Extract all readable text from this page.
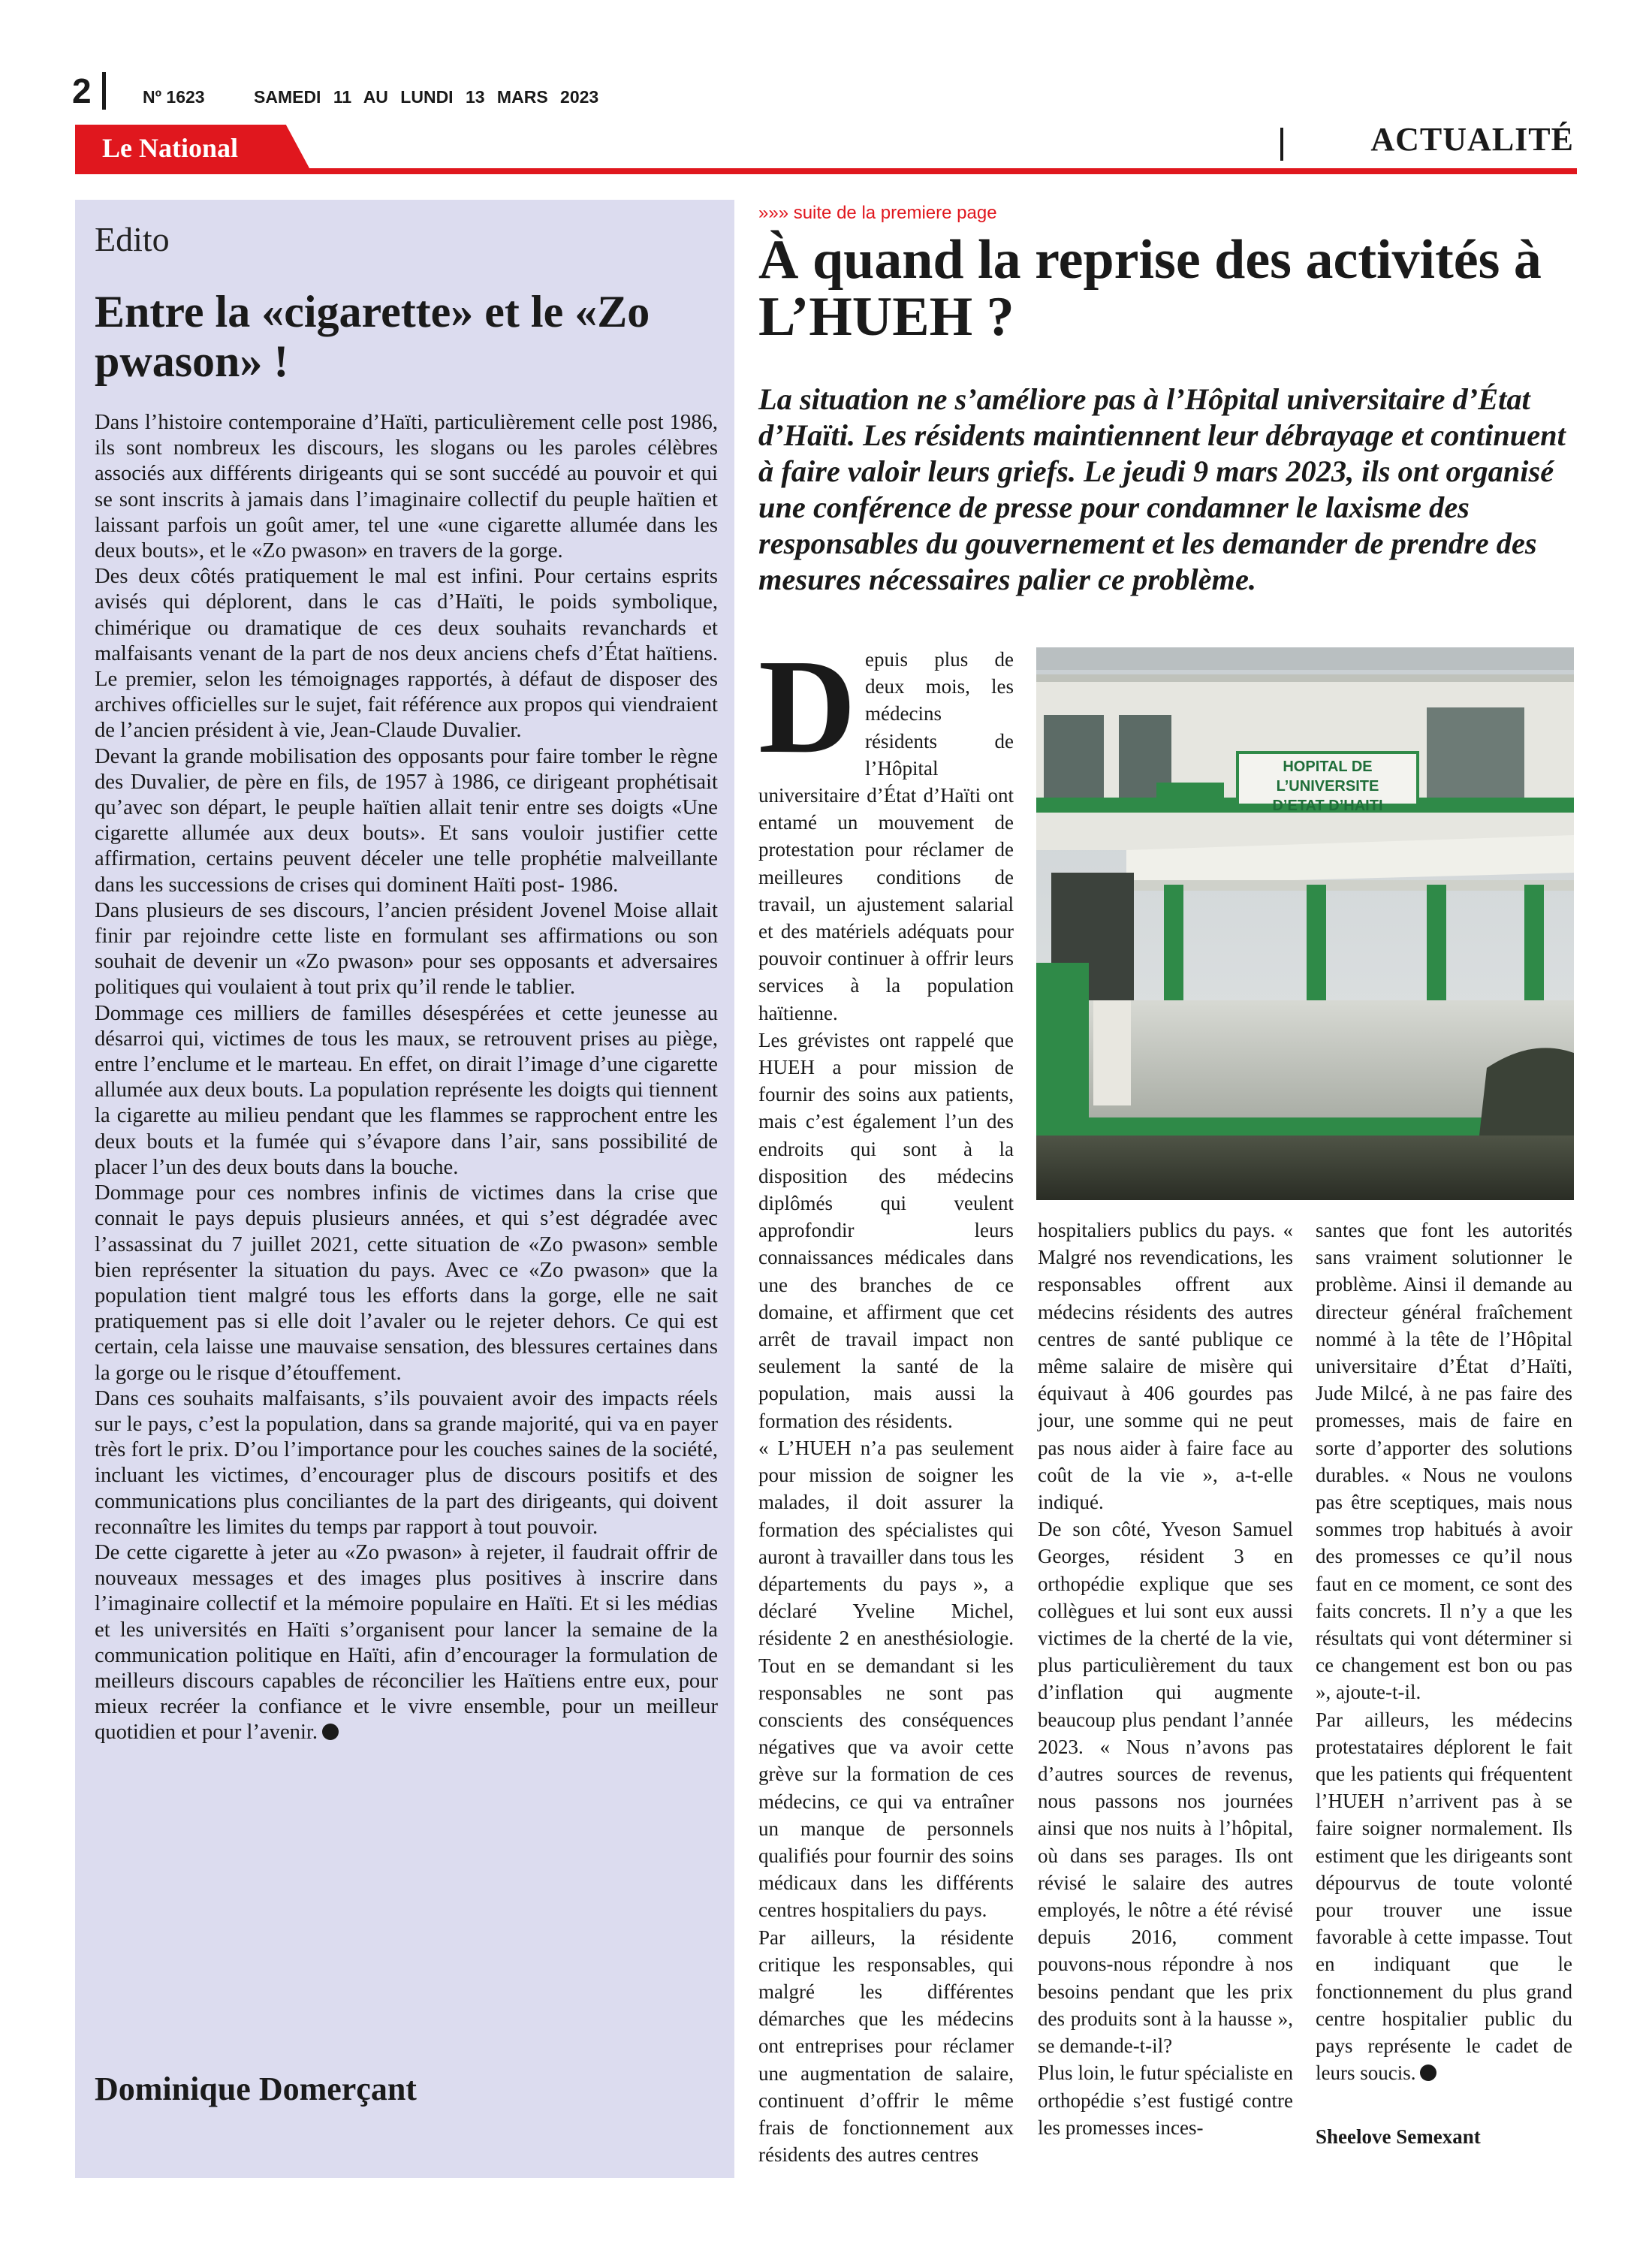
2	Nº 1623	SAMEDI 11 AU LUNDI 13 MARS 2023
Le National	ACTUALITÉ
Edito
Entre la «cigarette» et le «Zo pwason» !

Dans l’histoire contemporaine d’Haïti, particulièrement celle post 1986, ils sont nombreux les discours, les slogans ou les paroles célèbres associés aux différents dirigeants qui se sont succédé au pouvoir et qui se sont inscrits à jamais dans l’imaginaire collectif du peuple haïtien et laissant parfois un goût amer, tel une «une cigarette allumée dans les deux bouts», et le «Zo pwason» en travers de la gorge.

Des deux côtés pratiquement le mal est infini. Pour certains esprits avisés qui déplorent, dans le cas d’Haïti, le poids symbolique, chimérique ou dramatique de ces deux souhaits revanchards et malfaisants venant de la part de nos deux anciens chefs d’État haïtiens. Le premier, selon les témoignages rapportés, à défaut de disposer des archives officielles sur le sujet, fait référence aux propos qui viendraient de l’ancien président à vie, Jean-Claude Duvalier.

Devant la grande mobilisation des opposants pour faire tomber le règne des Duvalier, de père en fils, de 1957 à 1986, ce dirigeant prophétisait qu’avec son départ, le peuple haïtien allait tenir entre ses doigts «Une cigarette allumée aux deux bouts». Et sans vouloir justifier cette affirmation, certains peuvent déceler une telle prophétie malveillante dans les successions de crises qui dominent Haïti post- 1986.

Dans plusieurs de ses discours, l’ancien président Jovenel Moise allait finir par rejoindre cette liste en formulant ses affirmations ou son souhait de devenir un «Zo pwason» pour ses opposants et adversaires politiques qui voulaient à tout prix qu’il rende le tablier.

Dommage ces milliers de familles désespérées et cette jeunesse au désarroi qui, victimes de tous les maux, se retrouvent prises au piège, entre l’enclume et le marteau. En effet, on dirait l’image d’une cigarette allumée aux deux bouts. La population représente les doigts qui tiennent la cigarette au milieu pendant que les flammes se rapprochent entre les deux bouts et la fumée qui s’évapore dans l’air, sans possibilité de placer l’un des deux bouts dans la bouche.

Dommage pour ces nombres infinis de victimes dans la crise que connait le pays depuis plusieurs années, et qui s’est dégradée avec l’assassinat du 7 juillet 2021, cette situation de «Zo pwason» semble bien représenter la situation du pays. Avec ce «Zo pwason» que la population tient malgré tous les efforts dans la gorge, elle ne sait pratiquement pas si elle doit l’avaler ou le rejeter dehors. Ce qui est certain, cela laisse une mauvaise sensation, des blessures certaines dans la gorge ou le risque d’étouffement.

Dans ces souhaits malfaisants, s’ils pouvaient avoir des impacts réels sur le pays, c’est la population, dans sa grande majorité, qui va en payer très fort le prix. D’ou l’importance pour les couches saines de la société, incluant les victimes, d’encourager plus de discours positifs et des communications plus conciliantes de la part des dirigeants, qui doivent reconnaître les limites du temps par rapport à tout pouvoir.

De cette cigarette à jeter au «Zo pwason» à rejeter, il faudrait offrir de nouveaux messages et des images plus positives à inscrire dans l’imaginaire collectif et la mémoire populaire en Haïti. Et si les médias et les universités en Haïti s’organisent pour lancer la semaine de la communication politique en Haïti, afin d’encourager la formulation de meilleurs discours capables de réconcilier les Haïtiens entre eux, pour mieux recréer la confiance et le vivre ensemble, pour un meilleur quotidien et pour l’avenir.

Dominique Domerçant
»»» suite de la premiere page
À quand la reprise des activités à L’HUEH ?
La situation ne s’améliore pas à l’Hôpital universitaire d’État d’Haïti. Les résidents maintiennent leur débrayage et continuent à faire valoir leurs griefs. Le jeudi 9 mars 2023, ils ont organisé une conférence de presse pour condamner le laxisme des responsables du gouvernement et les demander de prendre des mesures nécessaires palier ce problème.

Depuis plus de deux mois, les médecins résidents de l’Hôpital universitaire d’État d’Haïti ont entamé un mouvement de protestation pour réclamer de meilleures conditions de travail, un ajustement salarial et des matériels adéquats pour pouvoir continuer à offrir leurs services à la population haïtienne.

Les grévistes ont rappelé que HUEH a pour mission de fournir des soins aux patients, mais c’est également l’un des endroits qui sont à la disposition des médecins diplômés qui veulent approfondir leurs connaissances médicales dans une des branches de ce domaine, et affirment que cet arrêt de travail impact non seulement la santé de la population, mais aussi la formation des résidents.

« L’HUEH n’a pas seulement pour mission de soigner les malades, il doit assurer la formation des spécialistes qui auront à travailler dans tous les départements du pays », a déclaré Yveline Michel, résidente 2 en anesthésiologie. Tout en se demandant si les responsables ne sont pas conscients des conséquences négatives que va avoir cette grève sur la formation de ces médecins, ce qui va entraîner un manque de personnels qualifiés pour fournir des soins médicaux dans les différents centres hospitaliers du pays.

Par ailleurs, la résidente critique les responsables, qui malgré les différentes démarches que les médecins ont entreprises pour réclamer une augmentation de salaire, continuent d’offrir le même frais de fonctionnement aux résidents des autres centres

hospitaliers publics du pays. « Malgré nos revendications, les responsables offrent aux médecins résidents des autres centres de santé publique ce même salaire de misère qui équivaut à 406 gourdes pas jour, une somme qui ne peut pas nous aider à faire face au coût de la vie », a-t-elle indiqué.

De son côté, Yveson Samuel Georges, résident 3 en orthopédie explique que ses collègues et lui sont eux aussi victimes de la cherté de la vie, plus particulièrement du taux d’inflation qui augmente beaucoup plus pendant l’année 2023. « Nous n’avons pas d’autres sources de revenus, nous passons nos journées ainsi que nos nuits à l’hôpital, où dans ses parages. Ils ont révisé le salaire des autres employés, le nôtre a été révisé depuis 2016, comment pouvons-nous répondre à nos besoins pendant que les prix des produits sont à la hausse », se demande-t-il?

Plus loin, le futur spécialiste en orthopédie s’est fustigé contre les promesses inces-

santes que font les autorités sans vraiment solutionner le problème. Ainsi il demande au directeur général fraîchement nommé à la tête de l’Hôpital universitaire d’État d’Haïti, Jude Milcé, à ne pas faire des promesses, mais de faire en sorte d’apporter des solutions durables. « Nous ne voulons pas être sceptiques, mais nous sommes trop habitués à avoir des promesses ce qu’il nous faut en ce moment, ce sont des faits concrets. Il n’y a que les résultats qui vont déterminer si ce changement est bon ou pas », ajoute-t-il.

Par ailleurs, les médecins protestataires déplorent le fait que les patients qui fréquentent l’HUEH n’arrivent pas à se faire soigner normalement. Ils estiment que les dirigeants sont dépourvus de toute volonté pour trouver une issue favorable à cette impasse. Tout en indiquant que le fonctionnement du plus grand centre hospitalier public du pays représente le cadet de leurs soucis.

Sheelove Semexant
HOPITAL DE L’UNIVERSITE
D’ETAT D’HAITI
